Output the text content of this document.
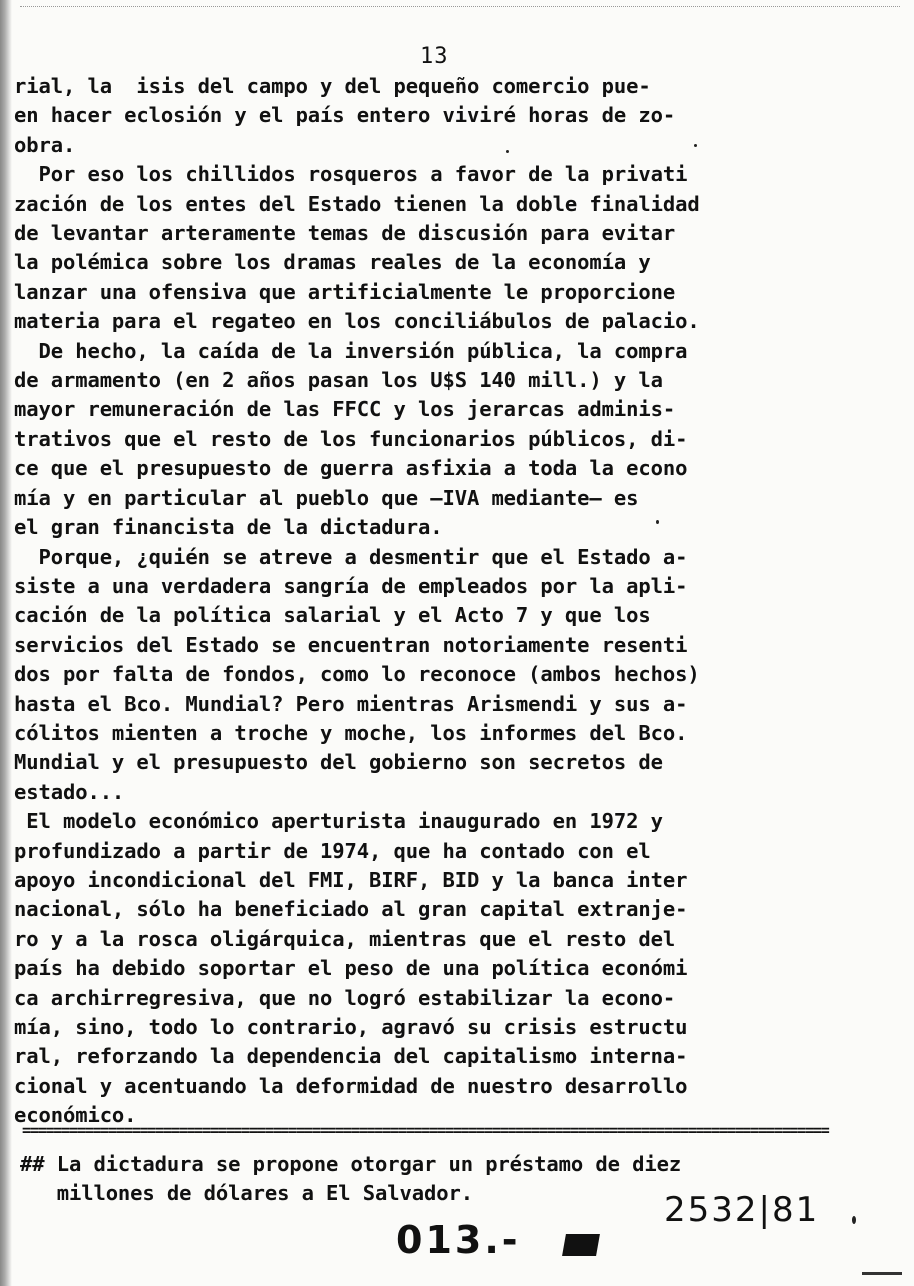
13
rial, la  isis del campo y del pequeño comercio pue-
en hacer eclosión y el país entero viviré horas de zo-
obra.
Por eso los chillidos rosqueros a favor de la privati
zación de los entes del Estado tienen la doble finalidad
de levantar arteramente temas de discusión para evitar
la polémica sobre los dramas reales de la economía y
lanzar una ofensiva que artificialmente le proporcione
materia para el regateo en los conciliábulos de palacio.
De hecho, la caída de la inversión pública, la compra
de armamento (en 2 años pasan los U$S 140 mill.) y la
mayor remuneración de las FFCC y los jerarcas adminis-
trativos que el resto de los funcionarios públicos, di-
ce que el presupuesto de guerra asfixia a toda la econo
mía y en particular al pueblo que —IVA mediante— es
el gran financista de la dictadura.
Porque, ¿quién se atreve a desmentir que el Estado a-
siste a una verdadera sangría de empleados por la apli-
cación de la política salarial y el Acto 7 y que los
servicios del Estado se encuentran notoriamente resenti
dos por falta de fondos, como lo reconoce (ambos hechos)
hasta el Bco. Mundial? Pero mientras Arismendi y sus a-
cólitos mienten a troche y moche, los informes del Bco.
Mundial y el presupuesto del gobierno son secretos de
estado...
El modelo económico aperturista inaugurado en 1972 y
profundizado a partir de 1974, que ha contado con el
apoyo incondicional del FMI, BIRF, BID y la banca inter
nacional, sólo ha beneficiado al gran capital extranje-
ro y a la rosca oligárquica, mientras que el resto del
país ha debido soportar el peso de una política económi
ca archirregresiva, que no logró estabilizar la econo-
mía, sino, todo lo contrario, agravó su crisis estructu
ral, reforzando la dependencia del capitalismo interna-
cional y acentuando la deformidad de nuestro desarrollo
económico.
=======================================================================================================
## La dictadura se propone otorgar un préstamo de diez
millones de dólares a El Salvador.	2532|81
013.-
